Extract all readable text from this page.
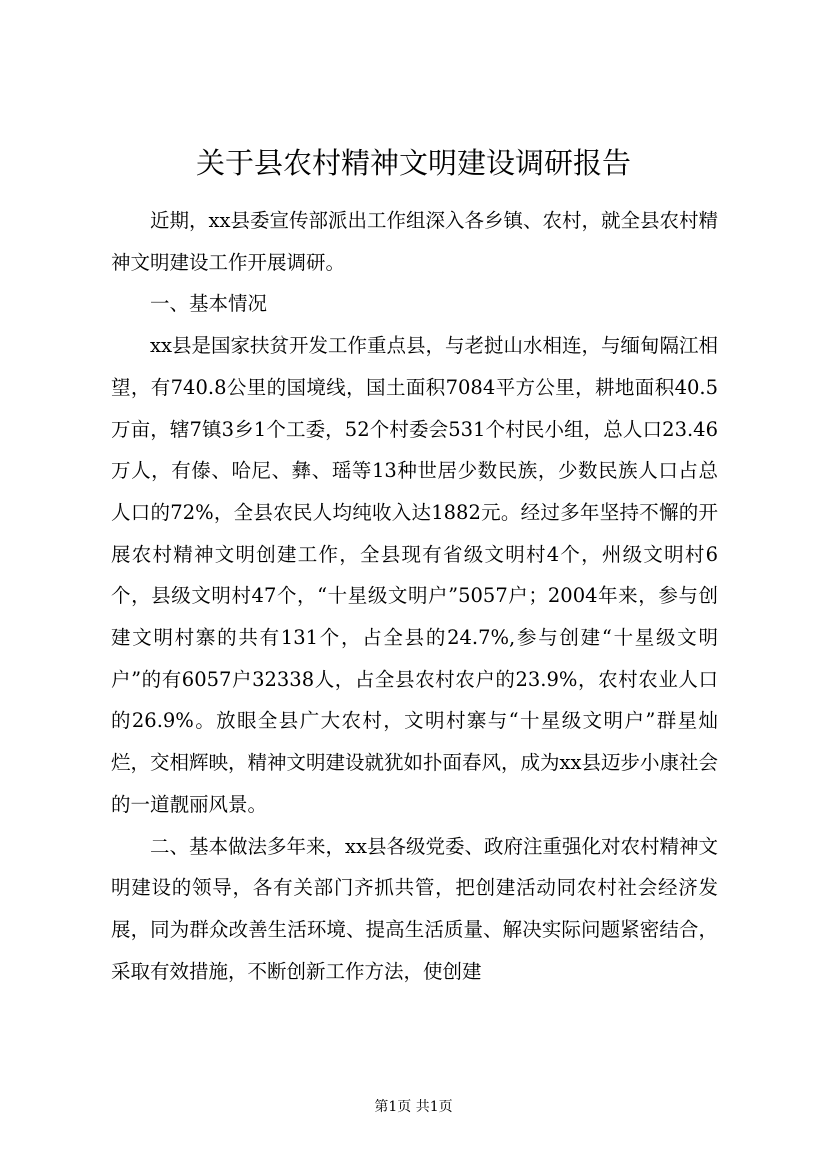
关于县农村精神文明建设调研报告

近期，xx县委宣传部派出工作组深入各乡镇、农村，就全县农村精神文明建设工作开展调研。

一、基本情况

xx县是国家扶贫开发工作重点县，与老挝山水相连，与缅甸隔江相望，有740.8公里的国境线，国土面积7084平方公里，耕地面积40.5万亩，辖7镇3乡1个工委，52个村委会531个村民小组，总人口23.46万人，有傣、哈尼、彝、瑶等13种世居少数民族，少数民族人口占总人口的72%，全县农民人均纯收入达1882元。经过多年坚持不懈的开展农村精神文明创建工作，全县现有省级文明村4个，州级文明村6个，县级文明村47个，“十星级文明户”5057户；2004年来，参与创建文明村寨的共有131个，占全县的24.7%,参与创建“十星级文明户”的有6057户32338人，占全县农村农户的23.9%，农村农业人口的26.9%。放眼全县广大农村，文明村寨与“十星级文明户”群星灿烂，交相辉映，精神文明建设就犹如扑面春风，成为xx县迈步小康社会的一道靓丽风景。

二、基本做法多年来，xx县各级党委、政府注重强化对农村精神文明建设的领导，各有关部门齐抓共管，把创建活动同农村社会经济发展，同为群众改善生活环境、提高生活质量、解决实际问题紧密结合，采取有效措施，不断创新工作方法，使创建

第1页 共1页
